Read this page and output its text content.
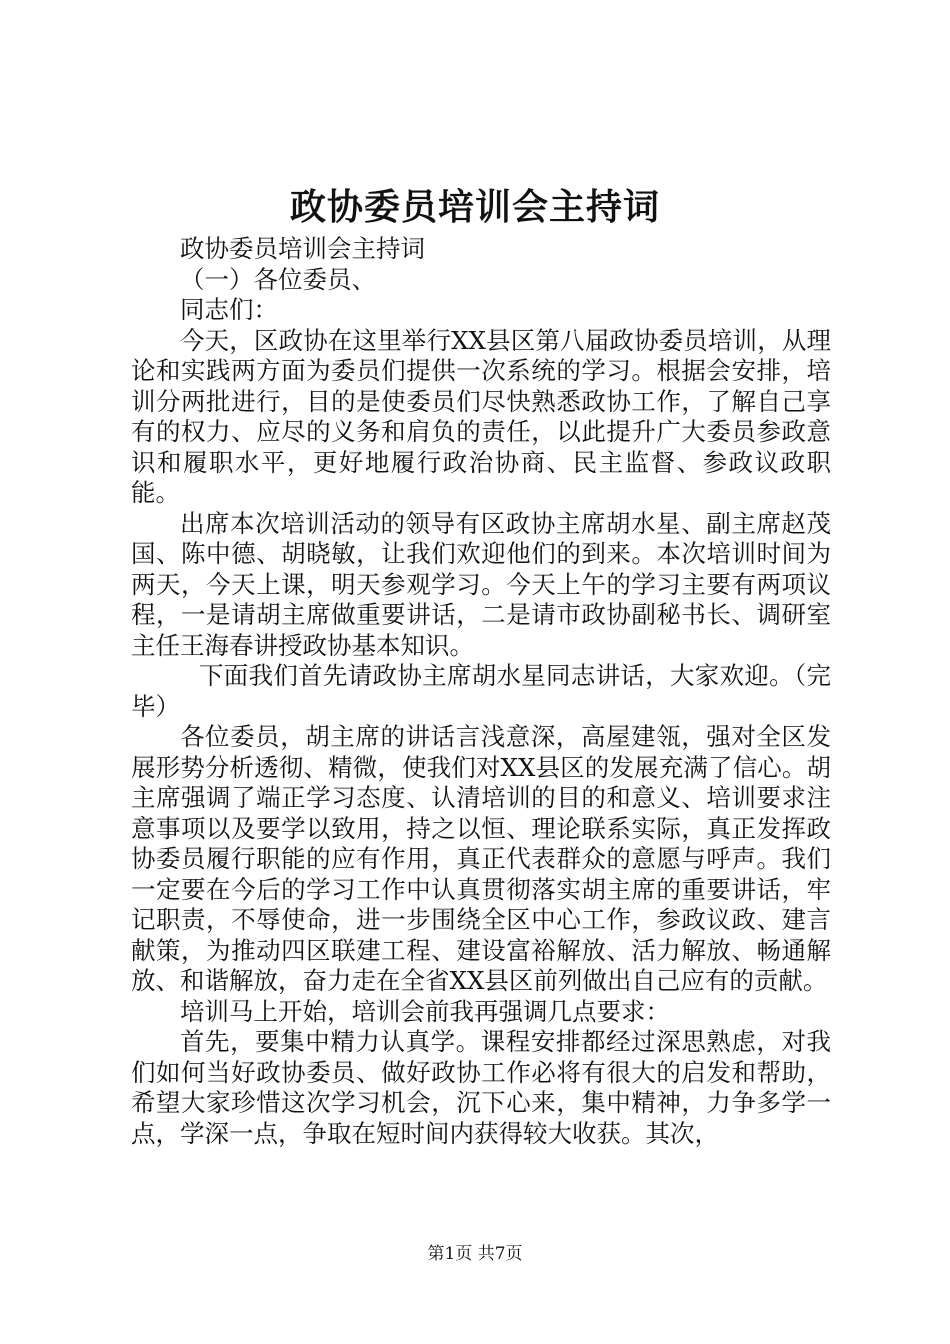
政协委员培训会主持词

政协委员培训会主持词

（一）各位委员、

同志们：

今天，区政协在这里举行XX县区第八届政协委员培训，从理论和实践两方面为委员们提供一次系统的学习。根据会安排，培训分两批进行，目的是使委员们尽快熟悉政协工作，了解自己享有的权力、应尽的义务和肩负的责任，以此提升广大委员参政意识和履职水平，更好地履行政治协商、民主监督、参政议政职能。

出席本次培训活动的领导有区政协主席胡水星、副主席赵茂国、陈中德、胡晓敏，让我们欢迎他们的到来。本次培训时间为两天，今天上课，明天参观学习。今天上午的学习主要有两项议程，一是请胡主席做重要讲话，二是请市政协副秘书长、调研室主任王海春讲授政协基本知识。

下面我们首先请政协主席胡水星同志讲话，大家欢迎。（完毕）

各位委员，胡主席的讲话言浅意深，高屋建瓴，强对全区发展形势分析透彻、精微，使我们对XX县区的发展充满了信心。胡主席强调了端正学习态度、认清培训的目的和意义、培训要求注意事项以及要学以致用，持之以恒、理论联系实际，真正发挥政协委员履行职能的应有作用，真正代表群众的意愿与呼声。我们一定要在今后的学习工作中认真贯彻落实胡主席的重要讲话，牢记职责，不辱使命，进一步围绕全区中心工作，参政议政、建言献策，为推动四区联建工程、建设富裕解放、活力解放、畅通解放、和谐解放，奋力走在全省XX县区前列做出自己应有的贡献。

培训马上开始，培训会前我再强调几点要求：

首先，要集中精力认真学。课程安排都经过深思熟虑，对我们如何当好政协委员、做好政协工作必将有很大的启发和帮助，希望大家珍惜这次学习机会，沉下心来，集中精神，力争多学一点，学深一点，争取在短时间内获得较大收获。其次，

第1页 共7页
